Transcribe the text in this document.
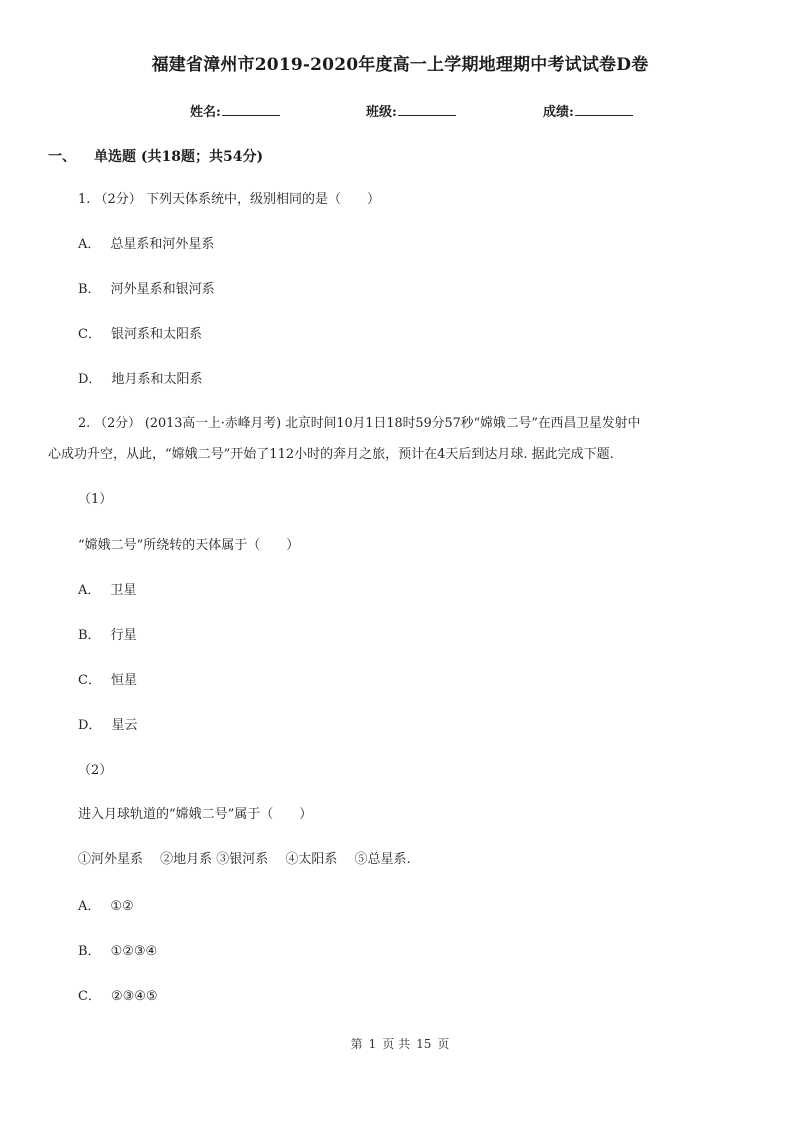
福建省漳州市2019-2020年度高一上学期地理期中考试试卷D卷
姓名:	班级:	成绩:
一、 单选题 (共18题；共54分)
1. （2分） 下列天体系统中，级别相同的是（　　）
A． 总星系和河外星系
B． 河外星系和银河系
C． 银河系和太阳系
D． 地月系和太阳系
2. （2分） (2013高一上·赤峰月考) 北京时间10月1日18时59分57秒“嫦娥二号”在西昌卫星发射中
心成功升空，从此，“嫦娥二号”开始了112小时的奔月之旅，预计在4天后到达月球. 据此完成下题.
（1）
“嫦娥二号”所绕转的天体属于（　　）
A． 卫星
B． 行星
C． 恒星
D． 星云
（2）
进入月球轨道的“嫦娥二号”属于（　　）
①河外星系　 ②地月系 ③银河系　 ④太阳系　 ⑤总星系.
A． ①②
B． ①②③④
C． ②③④⑤
第 1 页 共 15 页
